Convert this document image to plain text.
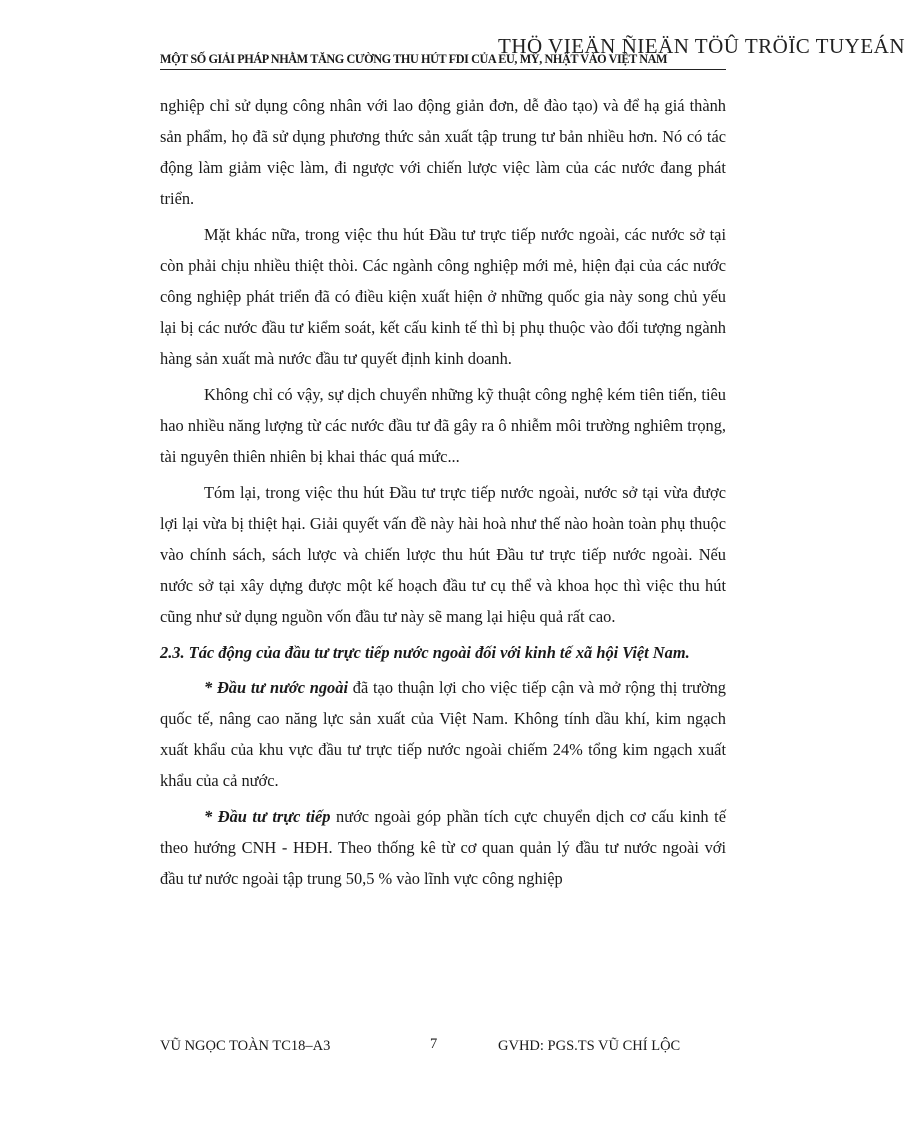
THÖ VIEÄN ÑIEÄN TÖÛ TRÖÏC TUYEÁN
MỘT SỐ GIẢI PHÁP NHẰM TĂNG CƯỜNG THU HÚT FDI CỦA EU, MỸ, NHẬT VÀO VIỆT NAM

nghiệp chỉ sử dụng công nhân với lao động giản đơn, dễ đào tạo) và để hạ giá thành sản phẩm, họ đã sử dụng phương thức sản xuất tập trung tư bản nhiều hơn. Nó có tác động làm giảm việc làm, đi ngược với chiến lược việc làm của các nước đang phát triển.

Mặt khác nữa, trong việc thu hút Đầu tư trực tiếp nước ngoài, các nước sở tại còn phải chịu nhiều thiệt thòi. Các ngành công nghiệp mới mẻ, hiện đại của các nước công nghiệp phát triển đã có điều kiện xuất hiện ở những quốc gia này song chủ yếu lại bị các nước đầu tư kiểm soát, kết cấu kinh tế thì bị phụ thuộc vào đối tượng ngành hàng sản xuất mà nước đầu tư quyết định kinh doanh.

Không chỉ có vậy, sự dịch chuyển những kỹ thuật công nghệ kém tiên tiến, tiêu hao nhiều năng lượng từ các nước đầu tư đã gây ra ô nhiễm môi trường nghiêm trọng, tài nguyên thiên nhiên bị khai thác quá mức...

Tóm lại, trong việc thu hút Đầu tư trực tiếp nước ngoài, nước sở tại vừa được lợi lại vừa bị thiệt hại. Giải quyết vấn đề này hài hoà như thế nào hoàn toàn phụ thuộc vào chính sách, sách lược và chiến lược thu hút Đầu tư trực tiếp nước ngoài. Nếu nước sở tại xây dựng được một kế hoạch đầu tư cụ thể và khoa học thì việc thu hút cũng như sử dụng nguồn vốn đầu tư này sẽ mang lại hiệu quả rất cao.

2.3. Tác động của đầu tư trực tiếp nước ngoài đối với kinh tế xã hội Việt Nam.

* Đầu tư nước ngoài đã tạo thuận lợi cho việc tiếp cận và mở rộng thị trường quốc tế, nâng cao năng lực sản xuất của Việt Nam. Không tính dầu khí, kim ngạch xuất khẩu của khu vực đầu tư trực tiếp nước ngoài chiếm 24% tổng kim ngạch xuất khẩu của cả nước.

* Đầu tư trực tiếp nước ngoài góp phần tích cực chuyển dịch cơ cấu kinh tế theo hướng CNH - HĐH. Theo thống kê từ cơ quan quản lý đầu tư nước ngoài với đầu tư nước ngoài tập trung 50,5 % vào lĩnh vực công nghiệp

VŨ NGỌC TOÀN TC18–A3	7	GVHD: PGS.TS VŨ CHÍ LỘC
